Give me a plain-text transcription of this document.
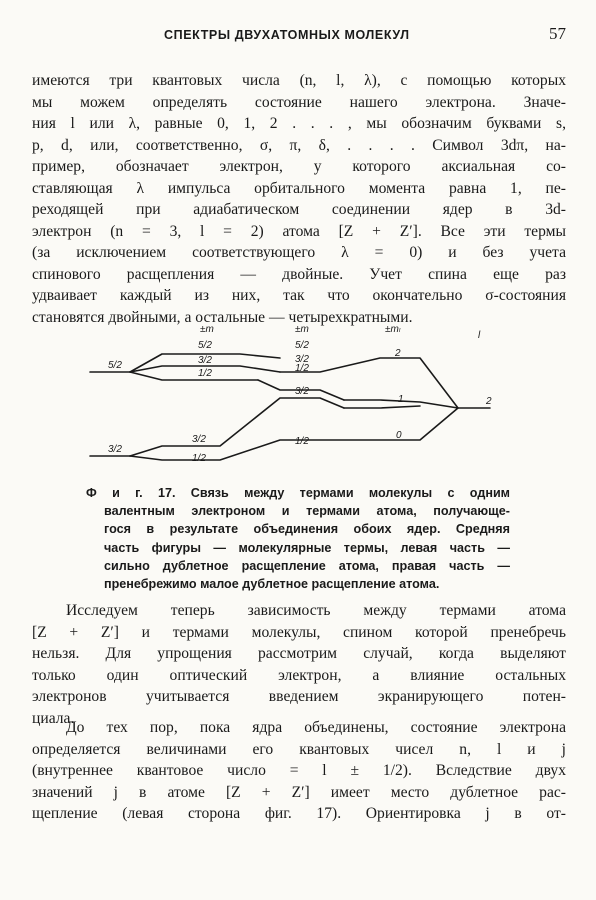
СПЕКТРЫ ДВУХАТОМНЫХ МОЛЕКУЛ	57
имеются три квантовых числа (n, l, λ), с помощью которых
мы можем определять состояние нашего электрона. Значе-
ния l или λ, равные 0, 1, 2 . . . , мы обозначим буквами s,
p, d, или, соответственно, σ, π, δ, . . . . Символ 3dπ, на-
пример, обозначает электрон, у которого аксиальная со-
ставляющая λ импульса орбитального момента равна 1, пе-
реходящей при адиабатическом соединении ядер в 3d-
электрон (n = 3, l = 2) атома [Z + Z′]. Все эти термы
(за исключением соответствующего λ = 0) и без учета
спинового расщепления — двойные. Учет спина еще раз
удваивает каждый из них, так что окончательно σ-состояния
становятся двойными, а остальные — четырехкратными.
±m	±m	±mₗ
l
5/2
3/2
5/2
3/2
1/2
3/2
1/2
3/2
1/2
1/2
5/2
3/2
2
1
0
2
Ф и г. 17. Связь между термами молекулы с одним
валентным электроном и термами атома, получающе-
гося в результате объединения обоих ядер. Средняя
часть фигуры — молекулярные термы, левая часть —
сильно дублетное расщепление атома, правая часть —
пренебрежимо малое дублетное расщепление атома.
Исследуем теперь зависимость между термами атома
[Z + Z′] и термами молекулы, спином которой пренебречь
нельзя. Для упрощения рассмотрим случай, когда выделяют
только один оптический электрон, а влияние остальных
электронов учитывается введением экранирующего потен-
циала.
До тех пор, пока ядра объединены, состояние электрона
определяется величинами его квантовых чисел n, l и j
(внутреннее квантовое число = l ± 1/2). Вследствие двух
значений j в атоме [Z + Z′] имеет место дублетное рас-
щепление (левая сторона фиг. 17). Ориентировка j в от-
